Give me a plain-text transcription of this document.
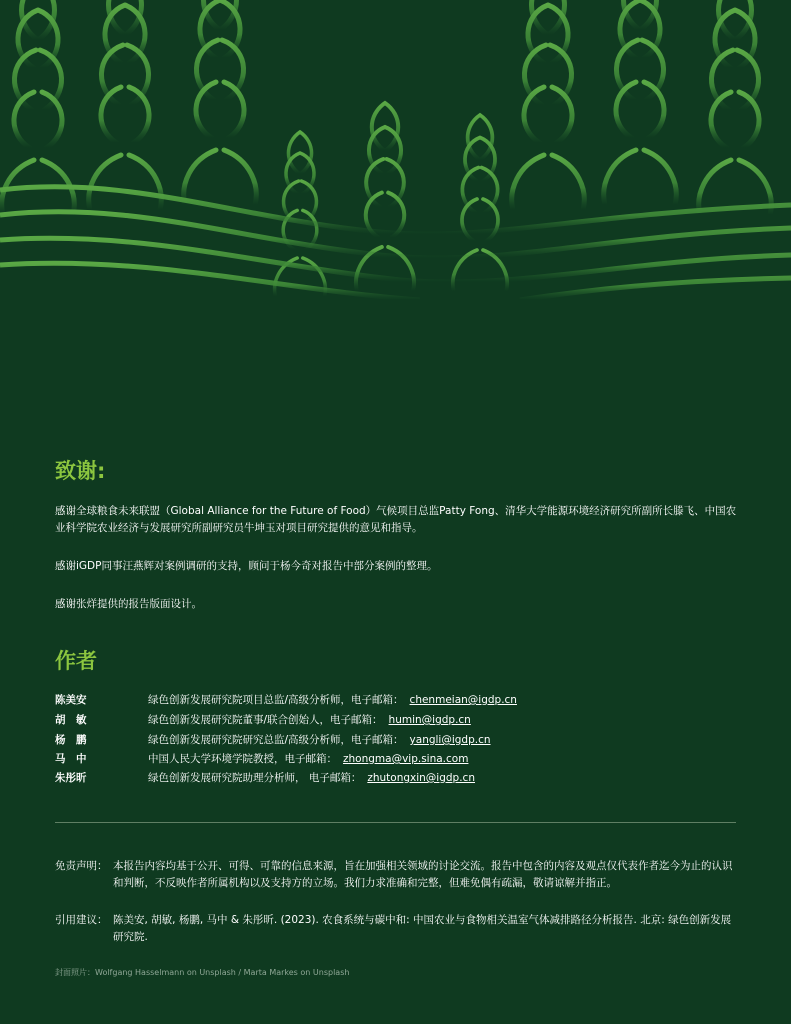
致谢:

感谢全球粮食未来联盟（Global Alliance for the Future of Food）气候项目总监Patty Fong、清华大学能源环境经济研究所副所长滕飞、中国农业科学院农业经济与发展研究所副研究员牛坤玉对项目研究提供的意见和指导。

感谢iGDP同事汪燕辉对案例调研的支持，顾问于杨今奇对报告中部分案例的整理。

感谢张烊提供的报告版面设计。

作者
陈美安	绿色创新发展研究院项目总监/高级分析师，电子邮箱： chenmeian@igdp.cn
胡　敏	绿色创新发展研究院董事/联合创始人，电子邮箱： humin@igdp.cn
杨　鹏	绿色创新发展研究院研究总监/高级分析师，电子邮箱： yangli@igdp.cn
马　中	中国人民大学环境学院教授，电子邮箱： zhongma@vip.sina.com
朱彤昕	绿色创新发展研究院助理分析师， 电子邮箱： zhutongxin@igdp.cn
免责声明： 本报告内容均基于公开、可得、可靠的信息来源，旨在加强相关领域的讨论交流。报告中包含的内容及观点仅代表作者迄今为止的认识和判断，不反映作者所属机构以及支持方的立场。我们力求准确和完整，但难免偶有疏漏，敬请谅解并指正。
引用建议： 陈美安, 胡敏, 杨鹏, 马中 & 朱彤昕. (2023). 农食系统与碳中和: 中国农业与食物相关温室气体减排路径分析报告. 北京: 绿色创新发展研究院.
封面照片：Wolfgang Hasselmann on Unsplash / Marta Markes on Unsplash
